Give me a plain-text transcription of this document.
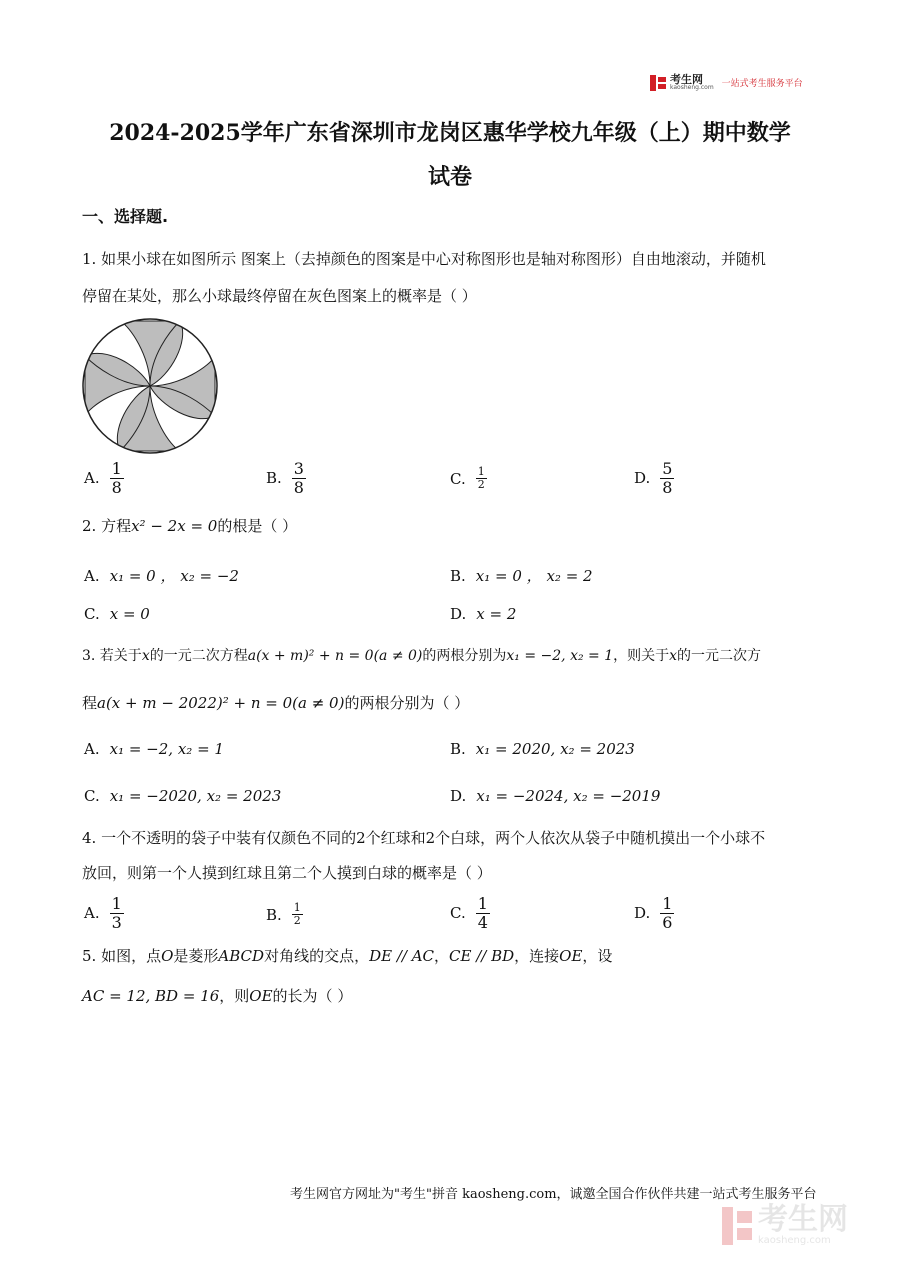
考生网
kaosheng.com 一站式考生服务平台
2024-2025学年广东省深圳市龙岗区惠华学校九年级（上）期中数学
试卷
一、选择题.
1. 如果小球在如图所示 图案上（去掉颜色的图案是中心对称图形也是轴对称图形）自由地滚动，并随机
停留在某处，那么小球最终停留在灰色图案上的概率是（ ）
A. $\frac{1}{8}$	B. $\frac{3}{8}$	C. $\frac{1}{2}$	D. $\frac{5}{8}$
2. 方程x² − 2x = 0的根是（ ）
A. x₁ = 0 ， x₂ = −2	B. x₁ = 0 ， x₂ = 2
C. x = 0	D. x = 2
3. 若关于x的一元二次方程a(x + m)² + n = 0(a ≠ 0)的两根分别为x₁ = −2, x₂ = 1，则关于x的一元二次方
程a(x + m − 2022)² + n = 0(a ≠ 0)的两根分别为（ ）
A. x₁ = −2, x₂ = 1	B. x₁ = 2020, x₂ = 2023
C. x₁ = −2020, x₂ = 2023	D. x₁ = −2024, x₂ = −2019
4. 一个不透明的袋子中装有仅颜色不同的2个红球和2个白球，两个人依次从袋子中随机摸出一个小球不
放回，则第一个人摸到红球且第二个人摸到白球的概率是（ ）
A. $\frac{1}{3}$	B. $\frac{1}{2}$	C. $\frac{1}{4}$	D. $\frac{1}{6}$
5. 如图，点O是菱形ABCD对角线的交点，DE // AC，CE // BD，连接OE，设
AC = 12, BD = 16，则OE的长为（ ）
考生网官方网址为"考生"拼音 kaosheng.com，诚邀全国合作伙伴共建一站式考生服务平台
考生网
kaosheng.com
